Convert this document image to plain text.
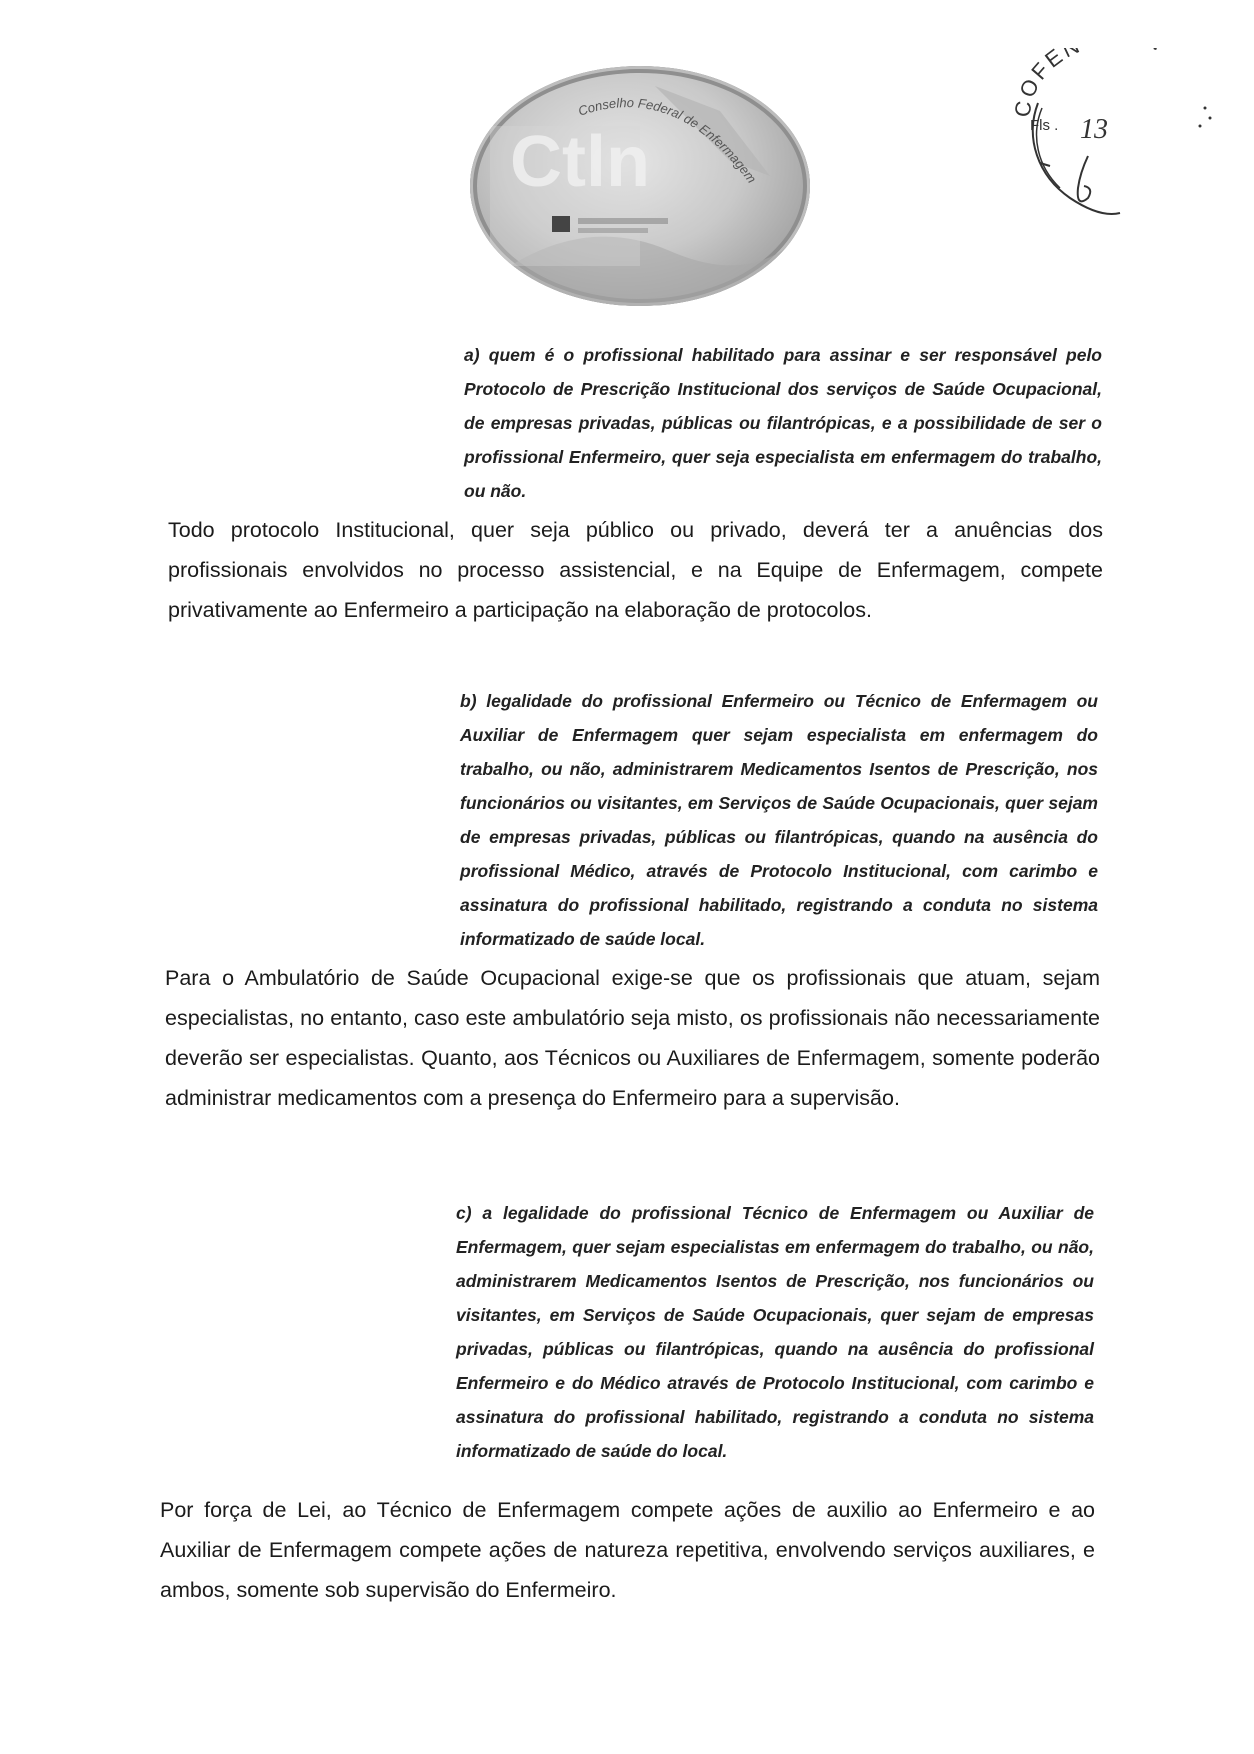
Conselho Federal de Enfermagem
Ctln
COFE
Fls . 13

a) quem é o profissional habilitado para assinar e ser responsável pelo Protocolo de Prescrição Institucional dos serviços de Saúde Ocupacional, de empresas privadas, públicas ou filantrópicas, e a possibilidade de ser o profissional Enfermeiro, quer seja especialista em enfermagem do trabalho, ou não.

Todo protocolo Institucional, quer seja público ou privado, deverá ter a anuências dos profissionais envolvidos no processo assistencial, e na Equipe de Enfermagem, compete privativamente ao Enfermeiro a participação na elaboração de protocolos.

b) legalidade do profissional Enfermeiro ou Técnico de Enfermagem ou Auxiliar de Enfermagem quer sejam especialista em enfermagem do trabalho, ou não, administrarem Medicamentos Isentos de Prescrição, nos funcionários ou visitantes, em Serviços de Saúde Ocupacionais, quer sejam de empresas privadas, públicas ou filantrópicas, quando na ausência do profissional Médico, através de Protocolo Institucional, com carimbo e assinatura do profissional habilitado, registrando a conduta no sistema informatizado de saúde local.

Para o Ambulatório de Saúde Ocupacional exige-se que os profissionais que atuam, sejam especialistas, no entanto, caso este ambulatório seja misto, os profissionais não necessariamente deverão ser especialistas. Quanto, aos Técnicos ou Auxiliares de Enfermagem, somente poderão administrar medicamentos com a presença do Enfermeiro para a supervisão.

c) a legalidade do profissional Técnico de Enfermagem ou Auxiliar de Enfermagem, quer sejam especialistas em enfermagem do trabalho, ou não, administrarem Medicamentos Isentos de Prescrição, nos funcionários ou visitantes, em Serviços de Saúde Ocupacionais, quer sejam de empresas privadas, públicas ou filantrópicas, quando na ausência do profissional Enfermeiro e do Médico através de Protocolo Institucional, com carimbo e assinatura do profissional habilitado, registrando a conduta no sistema informatizado de saúde do local.

Por força de Lei, ao Técnico de Enfermagem compete ações de auxilio ao Enfermeiro e ao Auxiliar de Enfermagem compete ações de natureza repetitiva, envolvendo serviços auxiliares, e ambos, somente sob supervisão do Enfermeiro.
